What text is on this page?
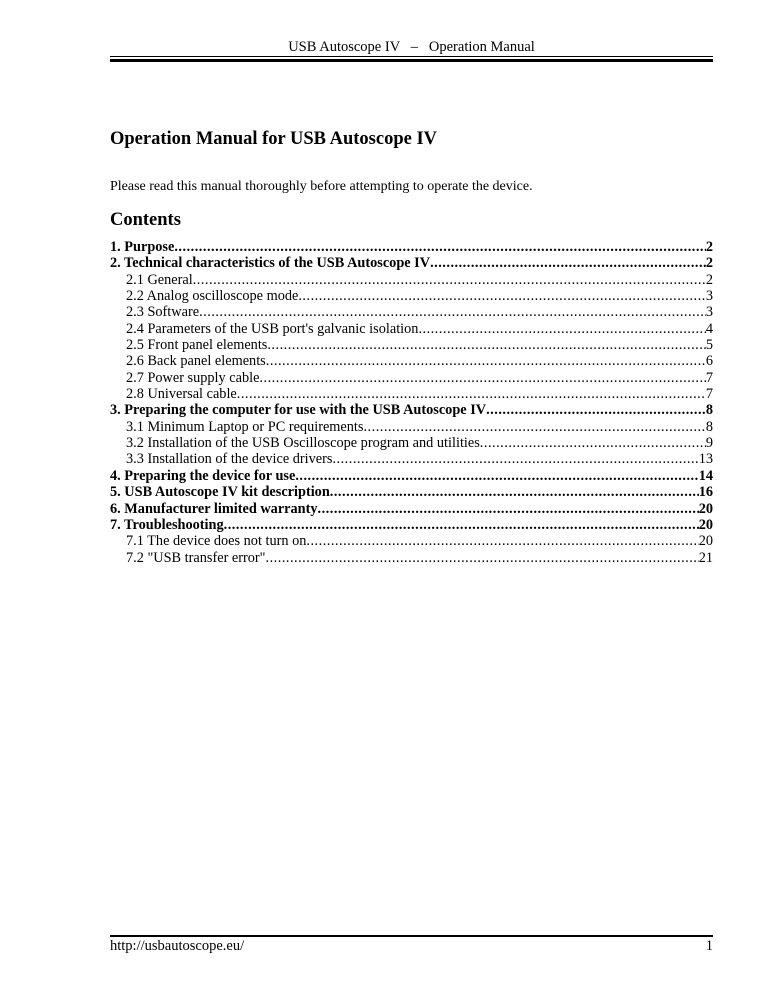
USB Autoscope IV   –   Operation Manual
Operation Manual for USB Autoscope IV

Please read this manual thoroughly before attempting to operate the device.

Contents
1. Purpose .....	2
2. Technical characteristics of the USB Autoscope IV .....	2
2.1 General .....	2
2.2 Analog oscilloscope mode .....	3
2.3 Software .....	3
2.4 Parameters of the USB port's galvanic isolation .....	4
2.5 Front panel elements .....	5
2.6 Back panel elements .....	6
2.7 Power supply cable .....	7
2.8 Universal cable .....	7
3. Preparing the computer for use with the USB Autoscope IV .....	8
3.1 Minimum Laptop or PC requirements .....	8
3.2 Installation of the USB Oscilloscope program and utilities .....	9
3.3 Installation of the device drivers .....	13
4. Preparing the device for use .....	14
5. USB Autoscope IV kit description .....	16
6. Manufacturer limited warranty .....	20
7. Troubleshooting .....	20
7.1 The device does not turn on .....	20
7.2 "USB transfer error" .....	21
http://usbautoscope.eu/	1
